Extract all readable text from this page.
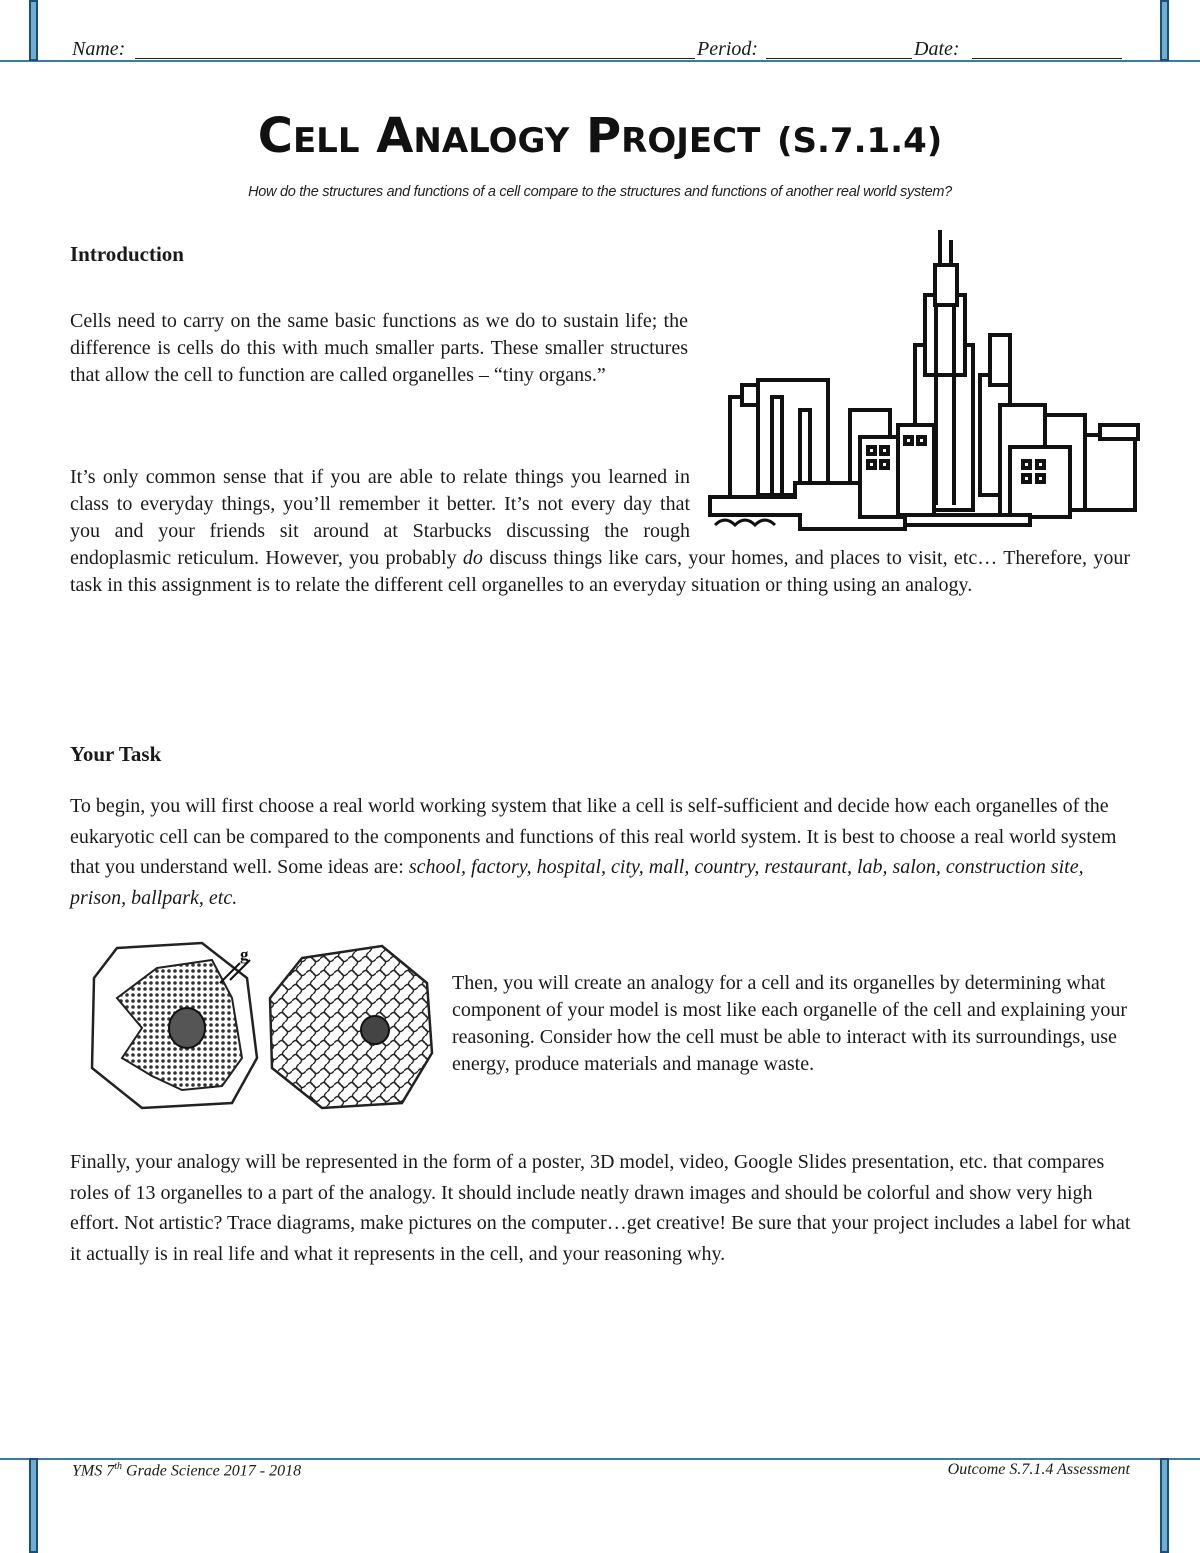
Name:	Period:	Date:
Cell Analogy Project (S.7.1.4)
How do the structures and functions of a cell compare to the structures and functions of another real world system?
Introduction
Cells need to carry on the same basic functions as we do to sustain life; the difference is cells do this with much smaller parts. These smaller structures that allow the cell to function are called organelles – “tiny organs.”
It’s only common sense that if you are able to relate things you learned in class to everyday things, you’ll remember it better. It’s not every day that you and your friends sit around at Starbucks discussing the rough endoplasmic reticulum. However, you probably do discuss things like cars, your homes, and places to visit, etc… Therefore, your task in this assignment is to relate the different cell organelles to an everyday situation or thing using an analogy.
Your Task
To begin, you will first choose a real world working system that like a cell is self-sufficient and decide how each organelles of the eukaryotic cell can be compared to the components and functions of this real world system. It is best to choose a real world system that you understand well. Some ideas are: school, factory, hospital, city, mall, country, restaurant, lab, salon, construction site, prison, ballpark, etc.
g
Then, you will create an analogy for a cell and its organelles by determining what component of your model is most like each organelle of the cell and explaining your reasoning. Consider how the cell must be able to interact with its surroundings, use energy, produce materials and manage waste.
Finally, your analogy will be represented in the form of a poster, 3D model, video, Google Slides presentation, etc. that compares roles of 13 organelles to a part of the analogy. It should include neatly drawn images and should be colorful and show very high effort. Not artistic? Trace diagrams, make pictures on the computer…get creative! Be sure that your project includes a label for what it actually is in real life and what it represents in the cell, and your reasoning why.
YMS 7th Grade Science 2017 - 2018	Outcome S.7.1.4 Assessment
